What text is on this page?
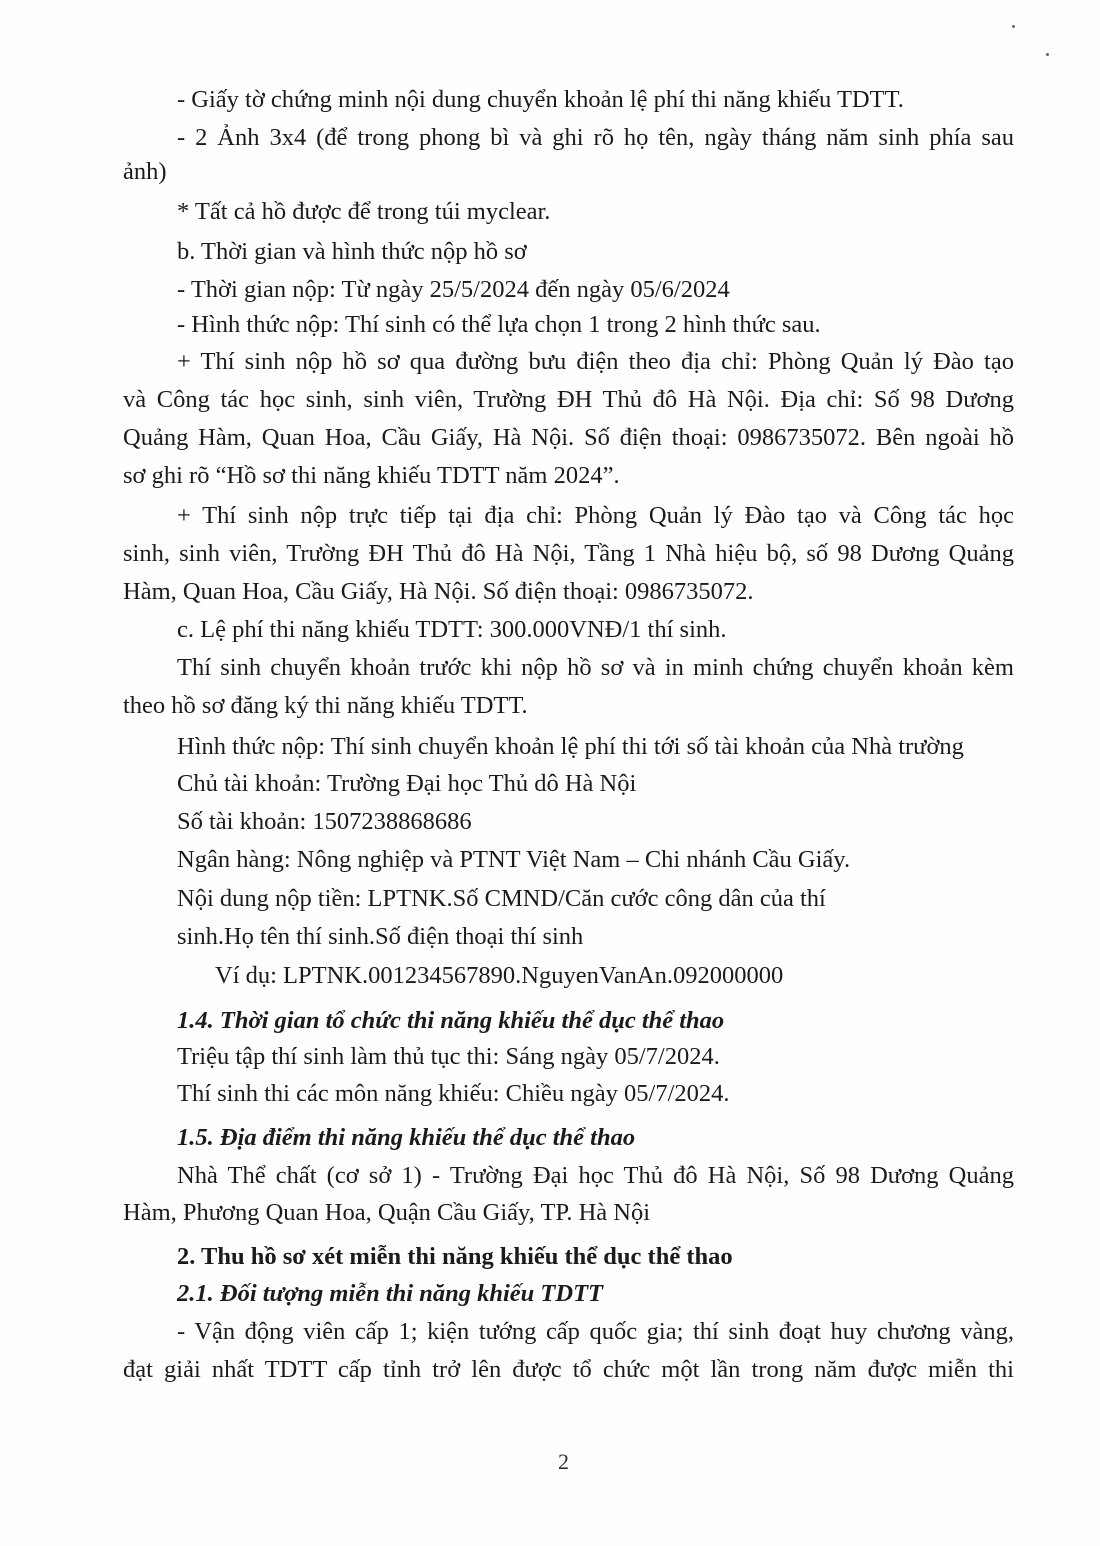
- Giấy tờ chứng minh nội dung chuyển khoản lệ phí thi năng khiếu TDTT.
- 2 Ảnh 3x4 (để trong phong bì và ghi rõ họ tên, ngày tháng năm sinh phía sau
ảnh)
* Tất cả hồ được để trong túi myclear.
b. Thời gian và hình thức nộp hồ sơ
- Thời gian nộp: Từ ngày 25/5/2024 đến ngày 05/6/2024
- Hình thức nộp: Thí sinh có thể lựa chọn 1 trong 2 hình thức sau.
+ Thí sinh nộp hồ sơ qua đường bưu điện theo địa chỉ: Phòng Quản lý Đào tạo
và Công tác học sinh, sinh viên, Trường ĐH Thủ đô Hà Nội. Địa chỉ: Số 98 Dương
Quảng Hàm, Quan Hoa, Cầu Giấy, Hà Nội. Số điện thoại: 0986735072. Bên ngoài hồ
sơ ghi rõ “Hồ sơ thi năng khiếu TDTT năm 2024”.
+ Thí sinh nộp trực tiếp tại địa chỉ: Phòng Quản lý Đào tạo và Công tác học
sinh, sinh viên, Trường ĐH Thủ đô Hà Nội, Tầng 1 Nhà hiệu bộ, số 98 Dương Quảng
Hàm, Quan Hoa, Cầu Giấy, Hà Nội. Số điện thoại: 0986735072.
c. Lệ phí thi năng khiếu TDTT: 300.000VNĐ/1 thí sinh.
Thí sinh chuyển khoản trước khi nộp hồ sơ và in minh chứng chuyển khoản kèm
theo hồ sơ đăng ký thi năng khiếu TDTT.
Hình thức nộp: Thí sinh chuyển khoản lệ phí thi tới số tài khoản của Nhà trường
Chủ tài khoản: Trường Đại học Thủ dô Hà Nội
Số tài khoản: 1507238868686
Ngân hàng: Nông nghiệp và PTNT Việt Nam – Chi nhánh Cầu Giấy.
Nội dung nộp tiền: LPTNK.Số CMND/Căn cước công dân của thí
sinh.Họ tên thí sinh.Số điện thoại thí sinh
Ví dụ: LPTNK.001234567890.NguyenVanAn.092000000
1.4. Thời gian tổ chức thi năng khiếu thể dục thể thao
Triệu tập thí sinh làm thủ tục thi: Sáng ngày 05/7/2024.
Thí sinh thi các môn năng khiếu: Chiều ngày 05/7/2024.
1.5. Địa điểm thi năng khiếu thể dục thể thao
Nhà Thể chất (cơ sở 1) - Trường Đại học Thủ đô Hà Nội, Số 98 Dương Quảng
Hàm, Phương Quan Hoa, Quận Cầu Giấy, TP. Hà Nội
2. Thu hồ sơ xét miễn thi năng khiếu thể dục thể thao
2.1. Đối tượng miễn thi năng khiếu TDTT
- Vận động viên cấp 1; kiện tướng cấp quốc gia; thí sinh đoạt huy chương vàng,
đạt giải nhất TDTT cấp tỉnh trở lên được tổ chức một lần trong năm được miễn thi
2
